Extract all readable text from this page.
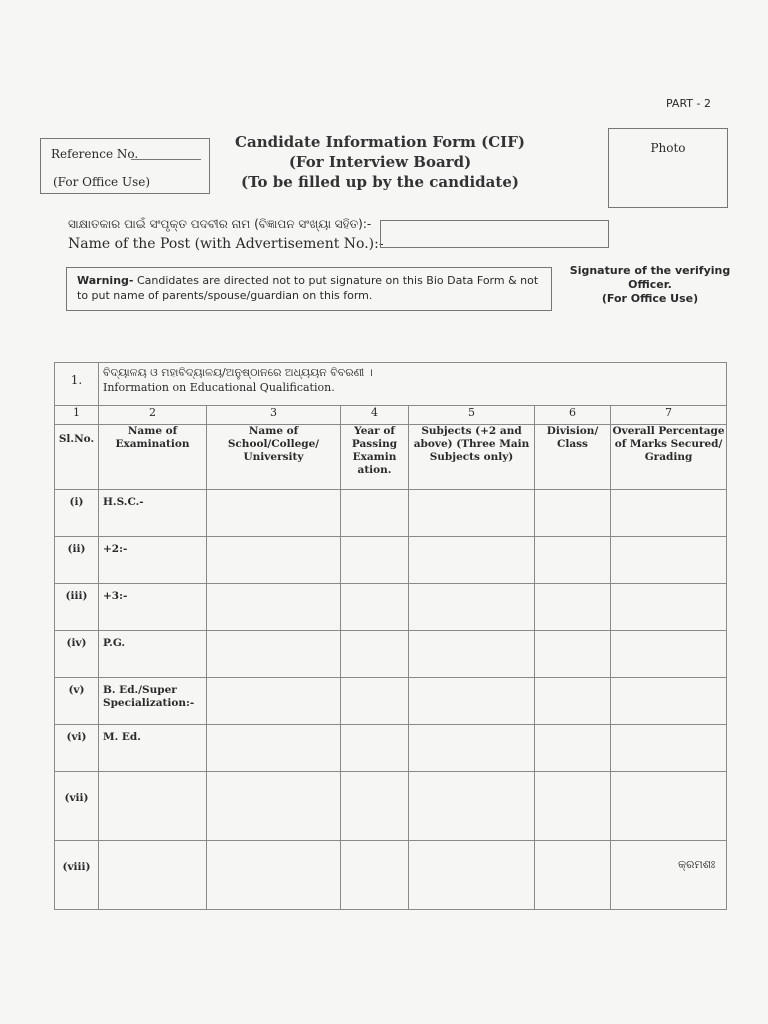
PART - 2
Reference No.
(For Office Use)
Candidate Information Form (CIF)
(For Interview Board)
(To be filled up by the candidate)
Photo
ସାକ୍ଷାତକାର ପାଇଁ ସଂପୃକ୍ତ ପଦବୀର ନାମ (ବିଜ୍ଞାପନ ସଂଖ୍ୟା ସହିତ):-
Name of the Post (with Advertisement No.):-
Warning- Candidates are directed not to put signature on this Bio Data Form & not to put name of parents/spouse/guardian on this form.
Signature of the verifying
Officer.
(For Office Use)
1.	ବିଦ୍ୟାଳୟ ଓ ମହାବିଦ୍ୟାଳୟ/ଅନୁଷ୍ଠାନରେ ଅଧ୍ୟୟନ ବିବରଣୀ ।
Information on Educational Qualification.					

1	2	3	4	5	6	7
Sl.No.	Name of Examination	Name of School/College/ University	Year of Passing Examin ation.	Subjects (+2 and above) (Three Main Subjects only)	Division/ Class	Overall Percentage of Marks Secured/ Grading
(i)	H.S.C.-					
(ii)	+2:-					
(iii)	+3:-					
(iv)	P.G.					
(v)	B. Ed./Super Specialization:-					
(vi)	M. Ed.					
(vii)						
(viii)							କ୍ରମଶଃ
